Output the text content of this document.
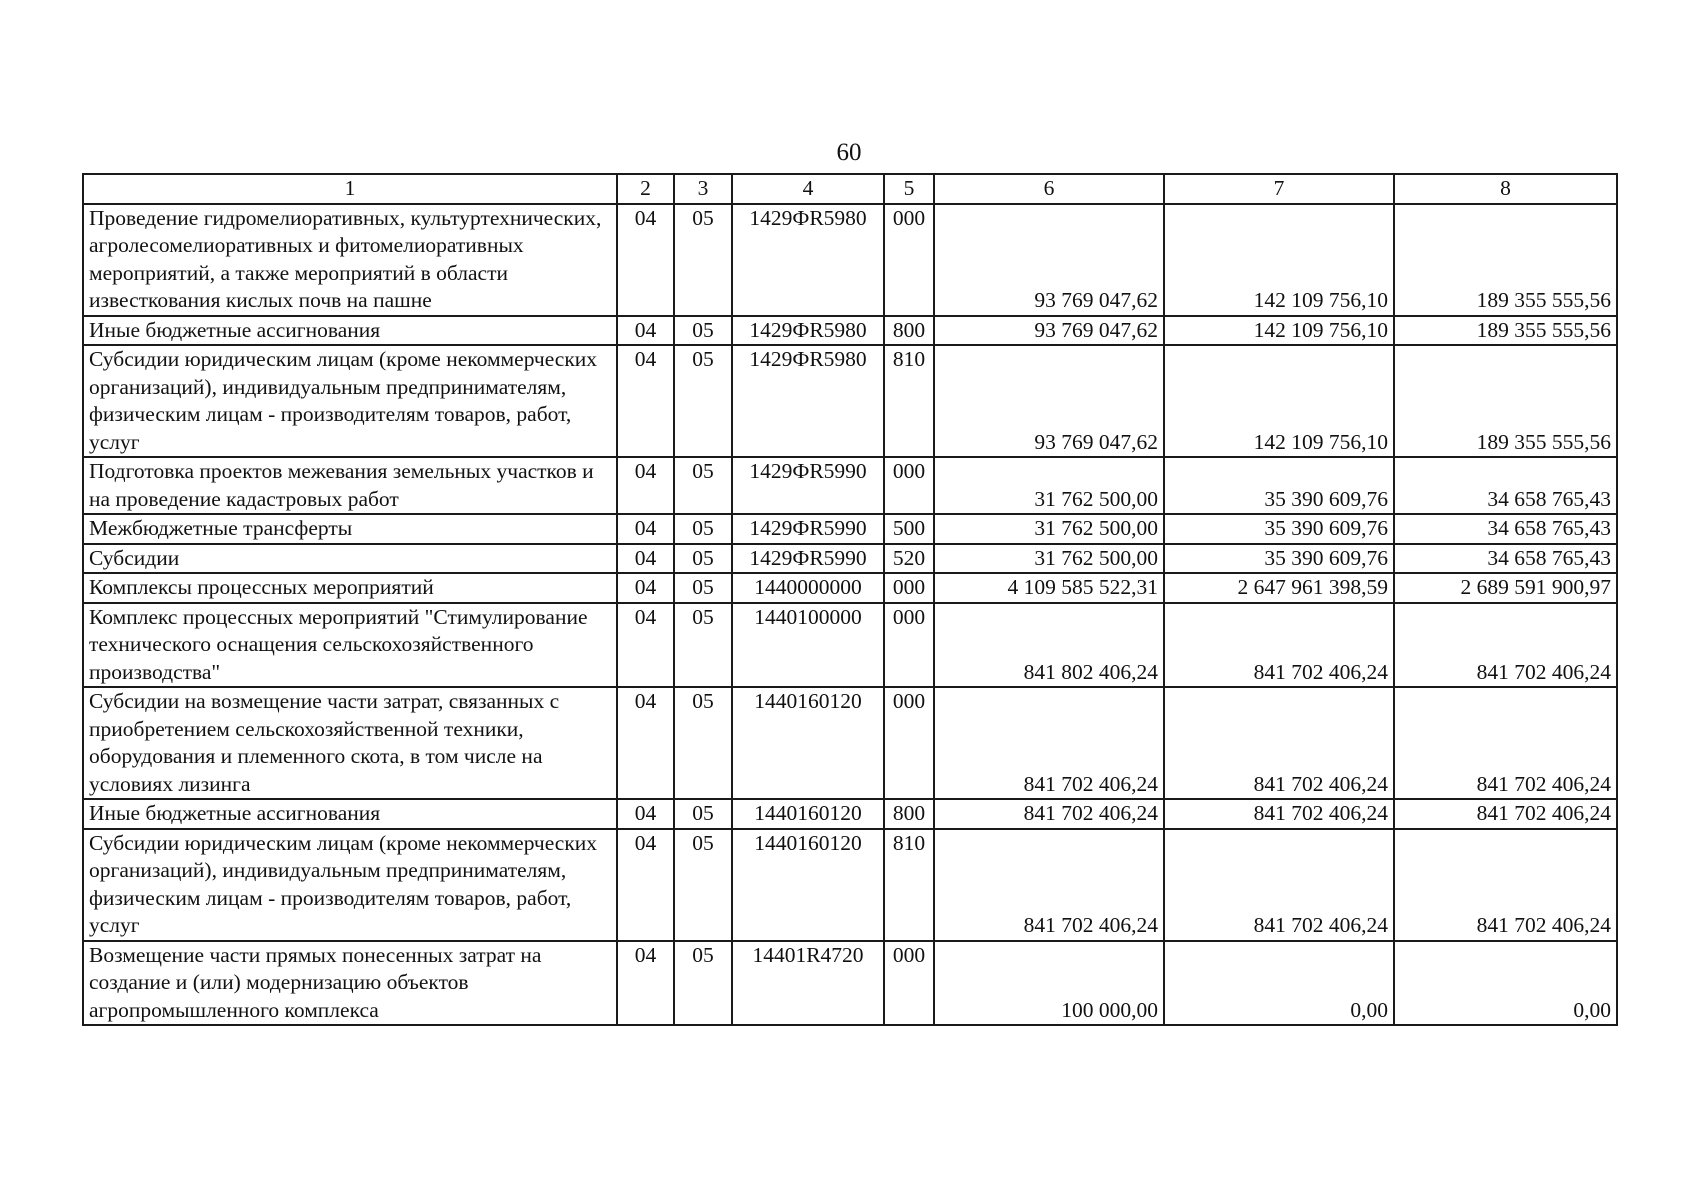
60
1	2	3	4	5	6	7	8
Проведение гидромелиоративных, культуртехнических, агролесомелиоративных и фитомелиоративных мероприятий, а также мероприятий в области известкования кислых почв на пашне	04	05	1429ФR5980	000	93 769 047,62	142 109 756,10	189 355 555,56
Иные бюджетные ассигнования	04	05	1429ФR5980	800	93 769 047,62	142 109 756,10	189 355 555,56
Субсидии юридическим лицам (кроме некоммерческих организаций), индивидуальным предпринимателям, физическим лицам - производителям товаров, работ, услуг	04	05	1429ФR5980	810	93 769 047,62	142 109 756,10	189 355 555,56
Подготовка проектов межевания земельных участков и на проведение кадастровых работ	04	05	1429ФR5990	000	31 762 500,00	35 390 609,76	34 658 765,43
Межбюджетные трансферты	04	05	1429ФR5990	500	31 762 500,00	35 390 609,76	34 658 765,43
Субсидии	04	05	1429ФR5990	520	31 762 500,00	35 390 609,76	34 658 765,43
Комплексы процессных мероприятий	04	05	1440000000	000	4 109 585 522,31	2 647 961 398,59	2 689 591 900,97
Комплекс процессных мероприятий "Стимулирование технического оснащения сельскохозяйственного производства"	04	05	1440100000	000	841 802 406,24	841 702 406,24	841 702 406,24
Субсидии на возмещение части затрат, связанных с приобретением сельскохозяйственной техники, оборудования и племенного скота, в том числе на условиях лизинга	04	05	1440160120	000	841 702 406,24	841 702 406,24	841 702 406,24
Иные бюджетные ассигнования	04	05	1440160120	800	841 702 406,24	841 702 406,24	841 702 406,24
Субсидии юридическим лицам (кроме некоммерческих организаций), индивидуальным предпринимателям, физическим лицам - производителям товаров, работ, услуг	04	05	1440160120	810	841 702 406,24	841 702 406,24	841 702 406,24
Возмещение части прямых понесенных затрат на создание и (или) модернизацию объектов агропромышленного комплекса	04	05	14401R4720	000	100 000,00	0,00	0,00
